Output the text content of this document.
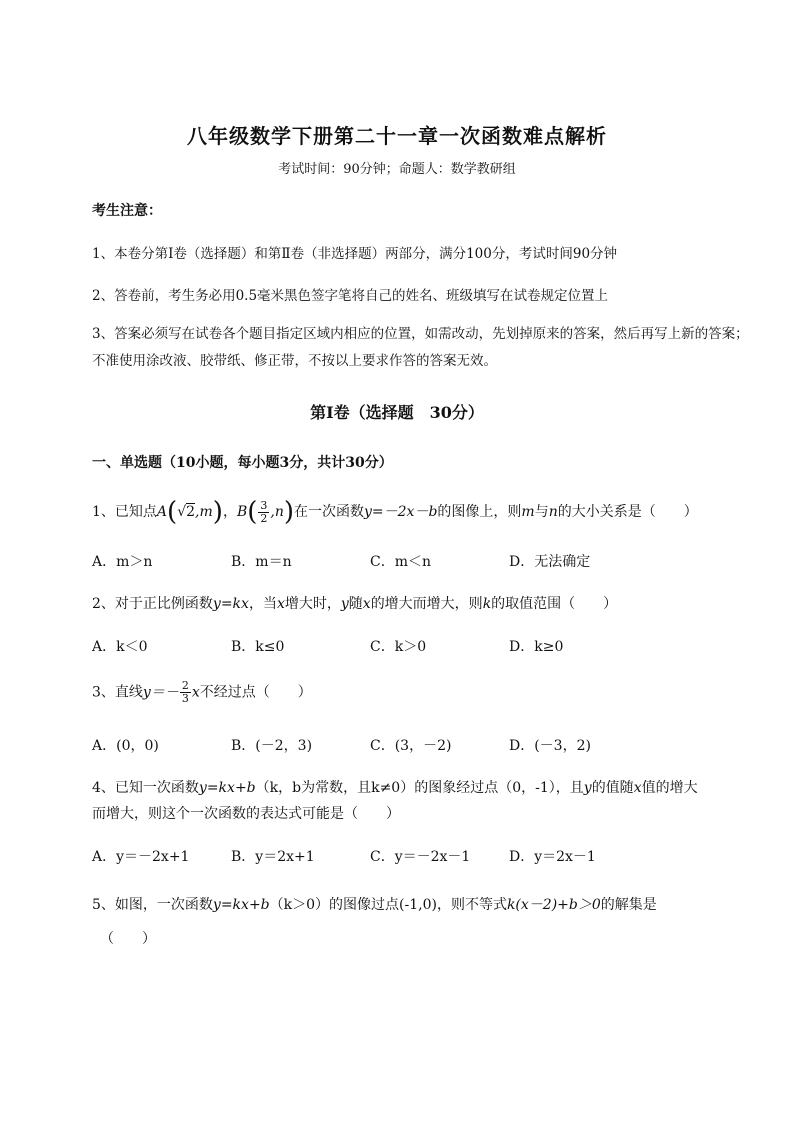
八年级数学下册第二十一章一次函数难点解析
考试时间：90分钟；命题人：数学教研组
考生注意：
1、本卷分第I卷（选择题）和第Ⅱ卷（非选择题）两部分，满分100分，考试时间90分钟
2、答卷前，考生务必用0.5毫米黑色签字笔将自己的姓名、班级填写在试卷规定位置上
3、答案必须写在试卷各个题目指定区域内相应的位置，如需改动，先划掉原来的答案，然后再写上新的答案；不准使用涂改液、胶带纸、修正带，不按以上要求作答的答案无效。
第I卷（选择题　30分）
一、单选题（10小题，每小题3分，共计30分）
1、已知点A(√2,m)，$B( \frac{3}{2} ,n)$在一次函数y=－2x－b的图像上，则m与n的大小关系是（　　）
A．m＞n	B．m＝n	C．m＜n	D．无法确定
2、对于正比例函数y=kx，当x增大时，y随x的增大而增大，则k的取值范围（　　）
A．k＜0	B．k≤0	C．k＞0	D．k≥0
3、直线$y=- \frac{2}{3}$ x不经过点（　　）
A．(0，0)	B．(－2，3)	C．(3，－2)	D．(－3，2)
4、已知一次函数y=kx+b（k，b为常数，且k≠0）的图象经过点（0，-1），且y的值随x值的增大
而增大，则这个一次函数的表达式可能是（　　）
A．y＝－2x+1	B．y＝2x+1	C．y＝－2x－1	D．y＝2x－1
5、如图，一次函数y=kx+b（k＞0）的图像过点(-1,0)，则不等式k(x－2)+b＞0的解集是
（　　）
